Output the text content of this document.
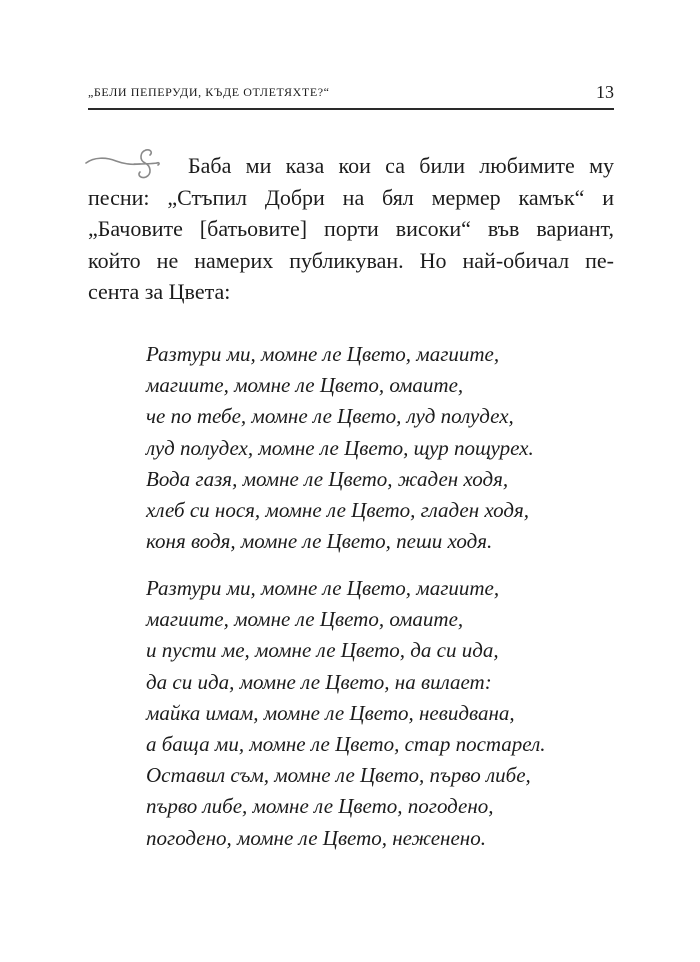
„БЕЛИ ПЕПЕРУДИ, КЪДЕ ОТЛЕТЯХТЕ?“	13
Баба ми каза кои са били любимите му
песни: „Стъпил Добри на бял мермер камък“ и
„Бачовите [батьовите] порти високи“ във вариант,
който не намерих публикуван. Но най-обичал пе-
сента за Цвета:
Разтури ми, момне ле Цвето, магиите,
магиите, момне ле Цвето, омаите,
че по тебе, момне ле Цвето, луд полудех,
луд полудех, момне ле Цвето, щур пощурех.
Вода газя, момне ле Цвето, жаден ходя,
хлеб си нося, момне ле Цвето, гладен ходя,
коня водя, момне ле Цвето, пеши ходя.
Разтури ми, момне ле Цвето, магиите,
магиите, момне ле Цвето, омаите,
и пусти ме, момне ле Цвето, да си ида,
да си ида, момне ле Цвето, на вилает:
майка имам, момне ле Цвето, невидвана,
а баща ми, момне ле Цвето, стар постарел.
Оставил съм, момне ле Цвето, първо либе,
първо либе, момне ле Цвето, погодено,
погодено, момне ле Цвето, неженено.
